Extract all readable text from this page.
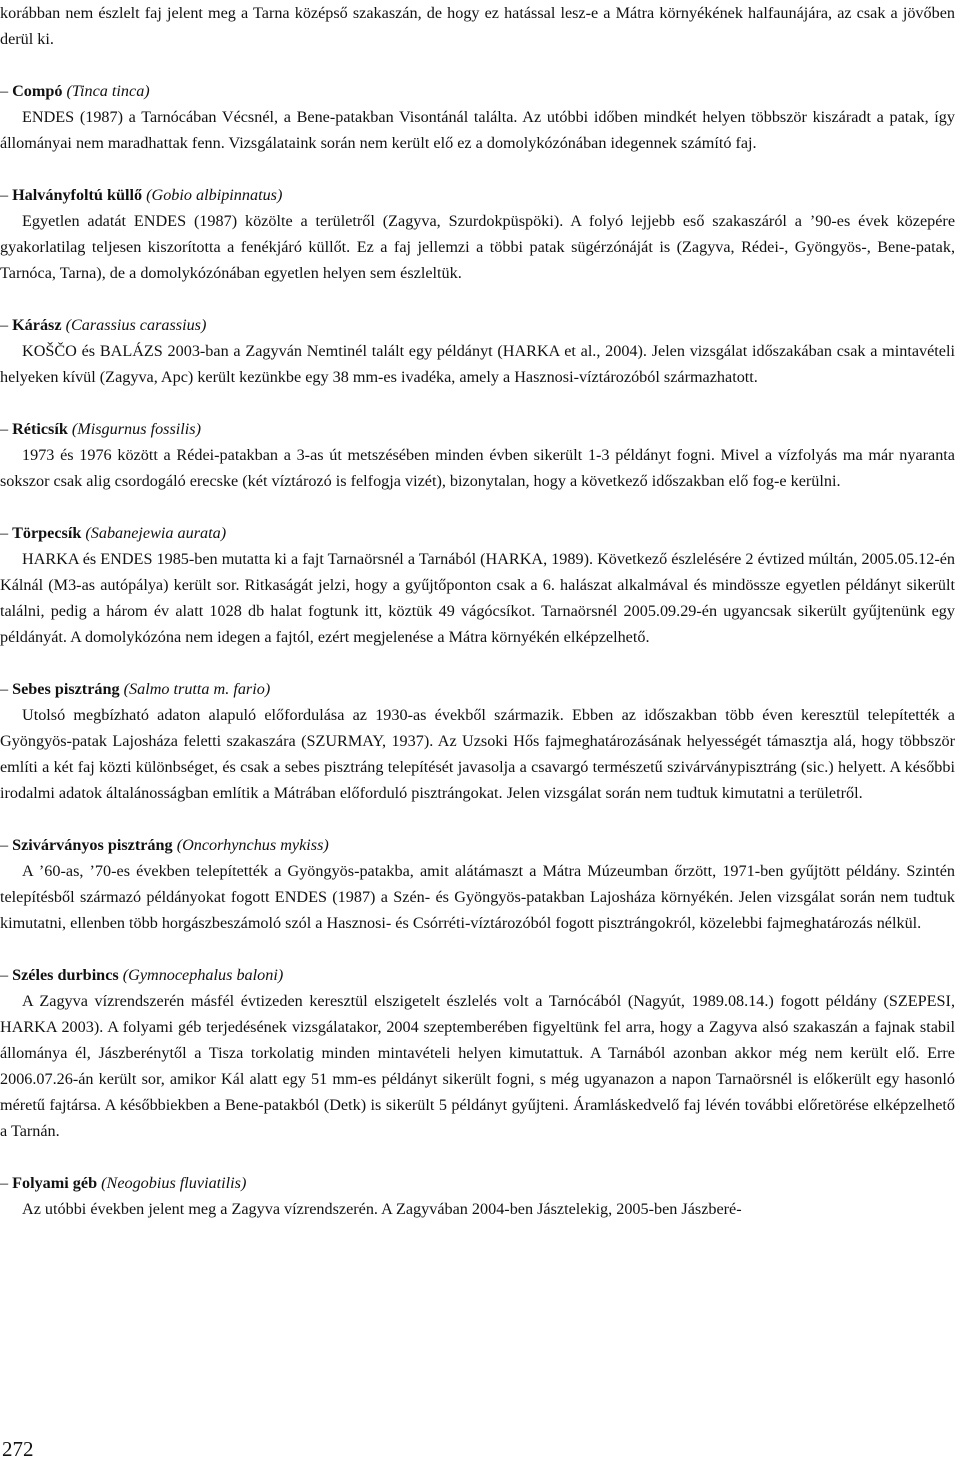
korábban nem észlelt faj jelent meg a Tarna középső szakaszán, de hogy ez hatással lesz-e a Mátra környékének halfaunájára, az csak a jövőben derül ki.

– Compó (Tinca tinca)

ENDES (1987) a Tarnócában Vécsnél, a Bene-patakban Visontánál találta. Az utóbbi időben mindkét helyen többször kiszáradt a patak, így állományai nem maradhattak fenn. Vizsgálataink során nem került elő ez a domolykózónában idegennek számító faj.

– Halványfoltú küllő (Gobio albipinnatus)

Egyetlen adatát ENDES (1987) közölte a területről (Zagyva, Szurdokpüspöki). A folyó lejjebb eső szakaszáról a ’90-es évek közepére gyakorlatilag teljesen kiszorította a fenékjáró küllőt. Ez a faj jellemzi a többi patak sügérzónáját is (Zagyva, Rédei-, Gyöngyös-, Bene-patak, Tarnóca, Tarna), de a domolykózónában egyetlen helyen sem észleltük.

– Kárász (Carassius carassius)

KOŠČO és BALÁZS 2003-ban a Zagyván Nemtinél talált egy példányt (HARKA et al., 2004). Jelen vizsgálat időszakában csak a mintavételi helyeken kívül (Zagyva, Apc) került kezünkbe egy 38 mm-es ivadéka, amely a Hasznosi-víztározóból származhatott.

– Réticsík (Misgurnus fossilis)

1973 és 1976 között a Rédei-patakban a 3-as út metszésében minden évben sikerült 1-3 példányt fogni. Mivel a vízfolyás ma már nyaranta sokszor csak alig csordogáló erecske (két víztározó is felfogja vizét), bizonytalan, hogy a következő időszakban elő fog-e kerülni.

– Törpecsík (Sabanejewia aurata)

HARKA és ENDES 1985-ben mutatta ki a fajt Tarnaörsnél a Tarnából (HARKA, 1989). Következő észlelésére 2 évtized múltán, 2005.05.12-én Kálnál (M3-as autópálya) került sor. Ritkaságát jelzi, hogy a gyűjtőponton csak a 6. halászat alkalmával és mindössze egyetlen példányt sikerült találni, pedig a három év alatt 1028 db halat fogtunk itt, köztük 49 vágócsíkot. Tarnaörsnél 2005.09.29-én ugyancsak sikerült gyűjtenünk egy példányát. A domolykózóna nem idegen a fajtól, ezért megjelenése a Mátra környékén elképzelhető.

– Sebes pisztráng (Salmo trutta m. fario)

Utolsó megbízható adaton alapuló előfordulása az 1930-as évekből származik. Ebben az időszakban több éven keresztül telepítették a Gyöngyös-patak Lajosháza feletti szakaszára (SZURMAY, 1937). Az Uzsoki Hős fajmeghatározásának helyességét támasztja alá, hogy többször említi a két faj közti különbséget, és csak a sebes pisztráng telepítését javasolja a csavargó természetű szivárványpisztráng (sic.) helyett. A későbbi irodalmi adatok általánosságban említik a Mátrában előforduló pisztrángokat. Jelen vizsgálat során nem tudtuk kimutatni a területről.

– Szivárványos pisztráng (Oncorhynchus mykiss)

A ’60-as, ’70-es években telepítették a Gyöngyös-patakba, amit alátámaszt a Mátra Múzeumban őrzött, 1971-ben gyűjtött példány. Szintén telepítésből származó példányokat fogott ENDES (1987) a Szén- és Gyöngyös-patakban Lajosháza környékén. Jelen vizsgálat során nem tudtuk kimutatni, ellenben több horgászbeszámoló szól a Hasznosi- és Csórréti-víztározóból fogott pisztrángokról, közelebbi fajmeghatározás nélkül.

– Széles durbincs (Gymnocephalus baloni)

A Zagyva vízrendszerén másfél évtizeden keresztül elszigetelt észlelés volt a Tarnócából (Nagyút, 1989.08.14.) fogott példány (SZEPESI, HARKA 2003). A folyami géb terjedésének vizsgálatakor, 2004 szeptemberében figyeltünk fel arra, hogy a Zagyva alsó szakaszán a fajnak stabil állománya él, Jászberénytől a Tisza torkolatig minden mintavételi helyen kimutattuk. A Tarnából azonban akkor még nem került elő. Erre 2006.07.26-án került sor, amikor Kál alatt egy 51 mm-es példányt sikerült fogni, s még ugyanazon a napon Tarnaörsnél is előkerült egy hasonló méretű fajtársa. A későbbiekben a Bene-patakból (Detk) is sikerült 5 példányt gyűjteni. Áramláskedvelő faj lévén további előretörése elképzelhető a Tarnán.

– Folyami géb (Neogobius fluviatilis)

Az utóbbi években jelent meg a Zagyva vízrendszerén. A Zagyvában 2004-ben Jásztelekig, 2005-ben Jászberé-

272
